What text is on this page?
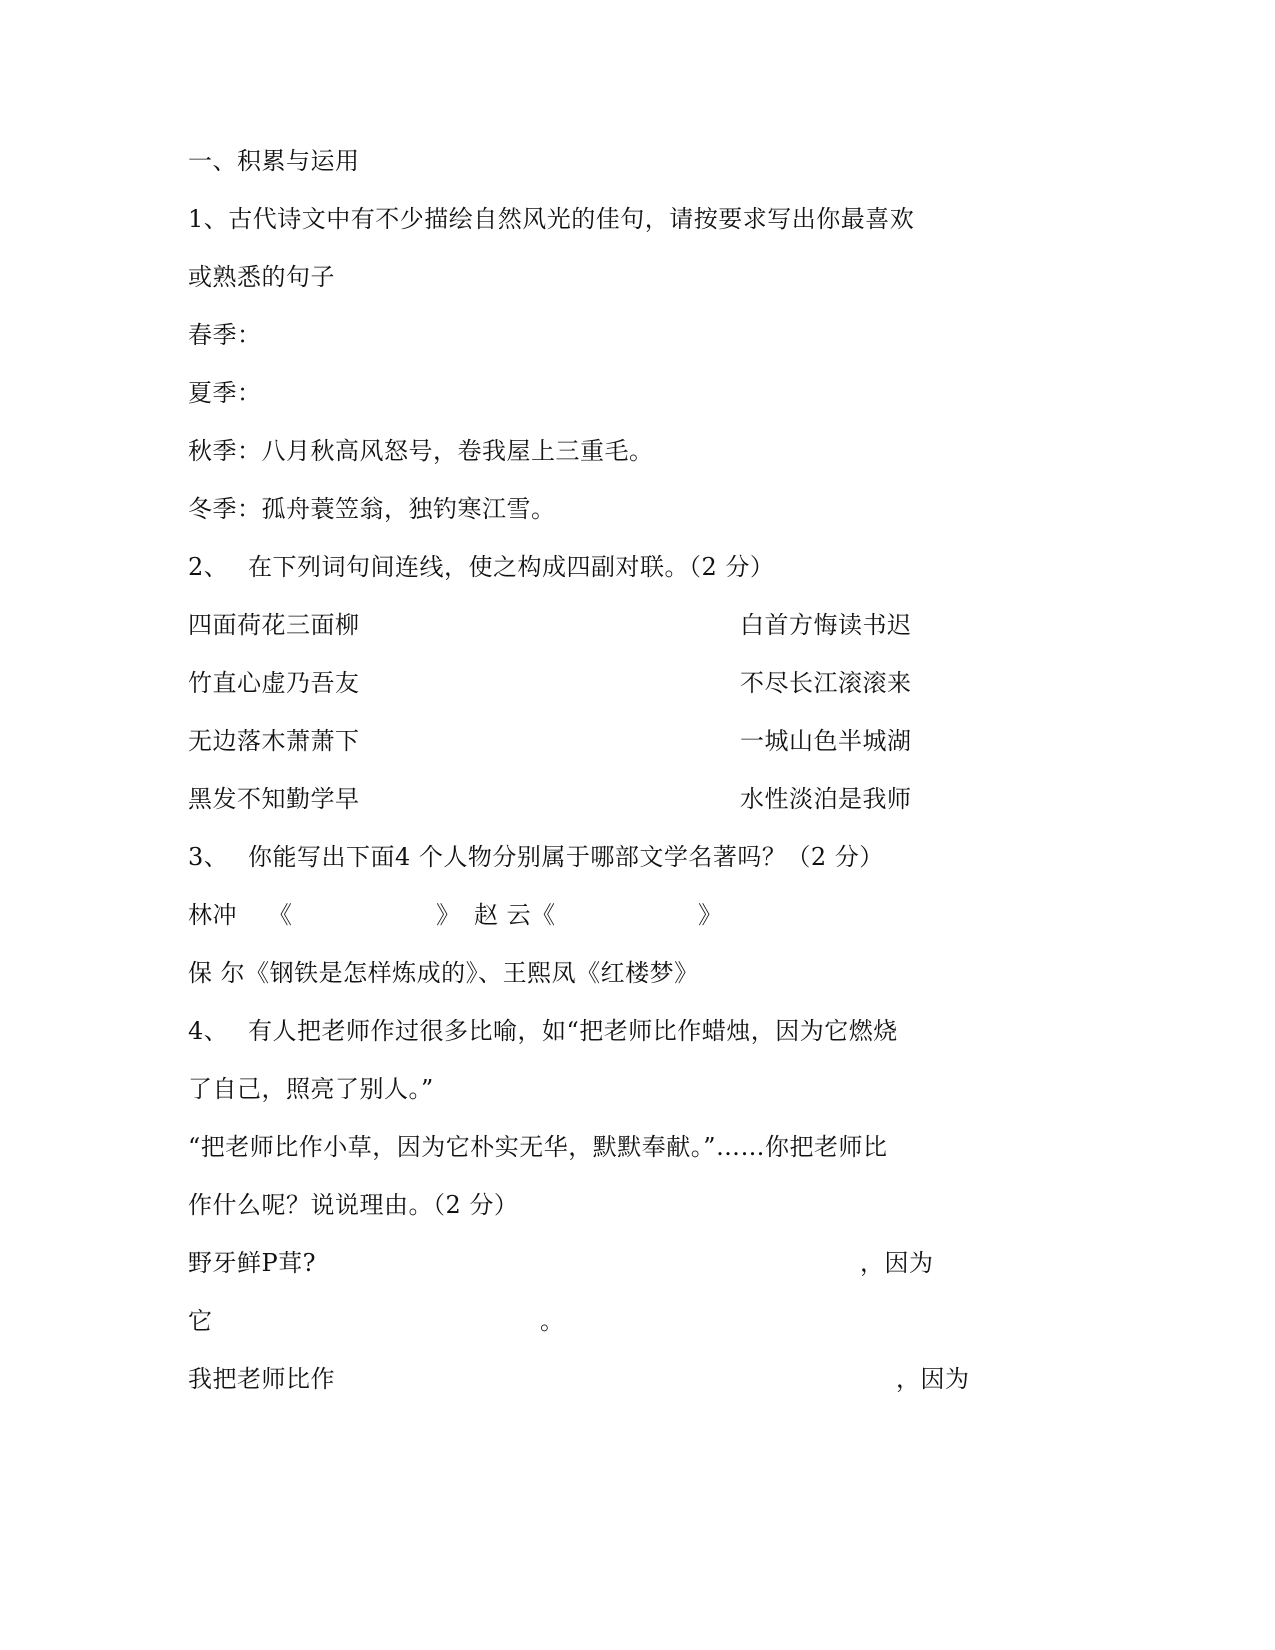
一、积累与运用
1、古代诗文中有不少描绘自然风光的佳句，请按要求写出你最喜欢
或熟悉的句子
春季：
夏季：
秋季：八月秋高风怒号，卷我屋上三重毛。
冬季：孤舟蓑笠翁，独钓寒江雪。
2、 在下列词句间连线，使之构成四副对联。（2 分）
四面荷花三面柳	白首方悔读书迟
竹直心虚乃吾友	不尽长江滚滚来
无边落木萧萧下	一城山色半城湖
黑发不知勤学早	水性淡泊是我师
3、 你能写出下面4 个人物分别属于哪部文学名著吗？（2 分）
林冲 《	》 赵 云《	》
保 尔《钢铁是怎样炼成的》、王熙凤《红楼梦》
4、 有人把老师作过很多比喻，如“把老师比作蜡烛，因为它燃烧
了自己，照亮了别人。”
“把老师比作小草，因为它朴实无华，默默奉献。”……你把老师比
作什么呢？说说理由。（2 分）
野牙鲜P茸?	，因为
它	。
我把老师比作	，因为
